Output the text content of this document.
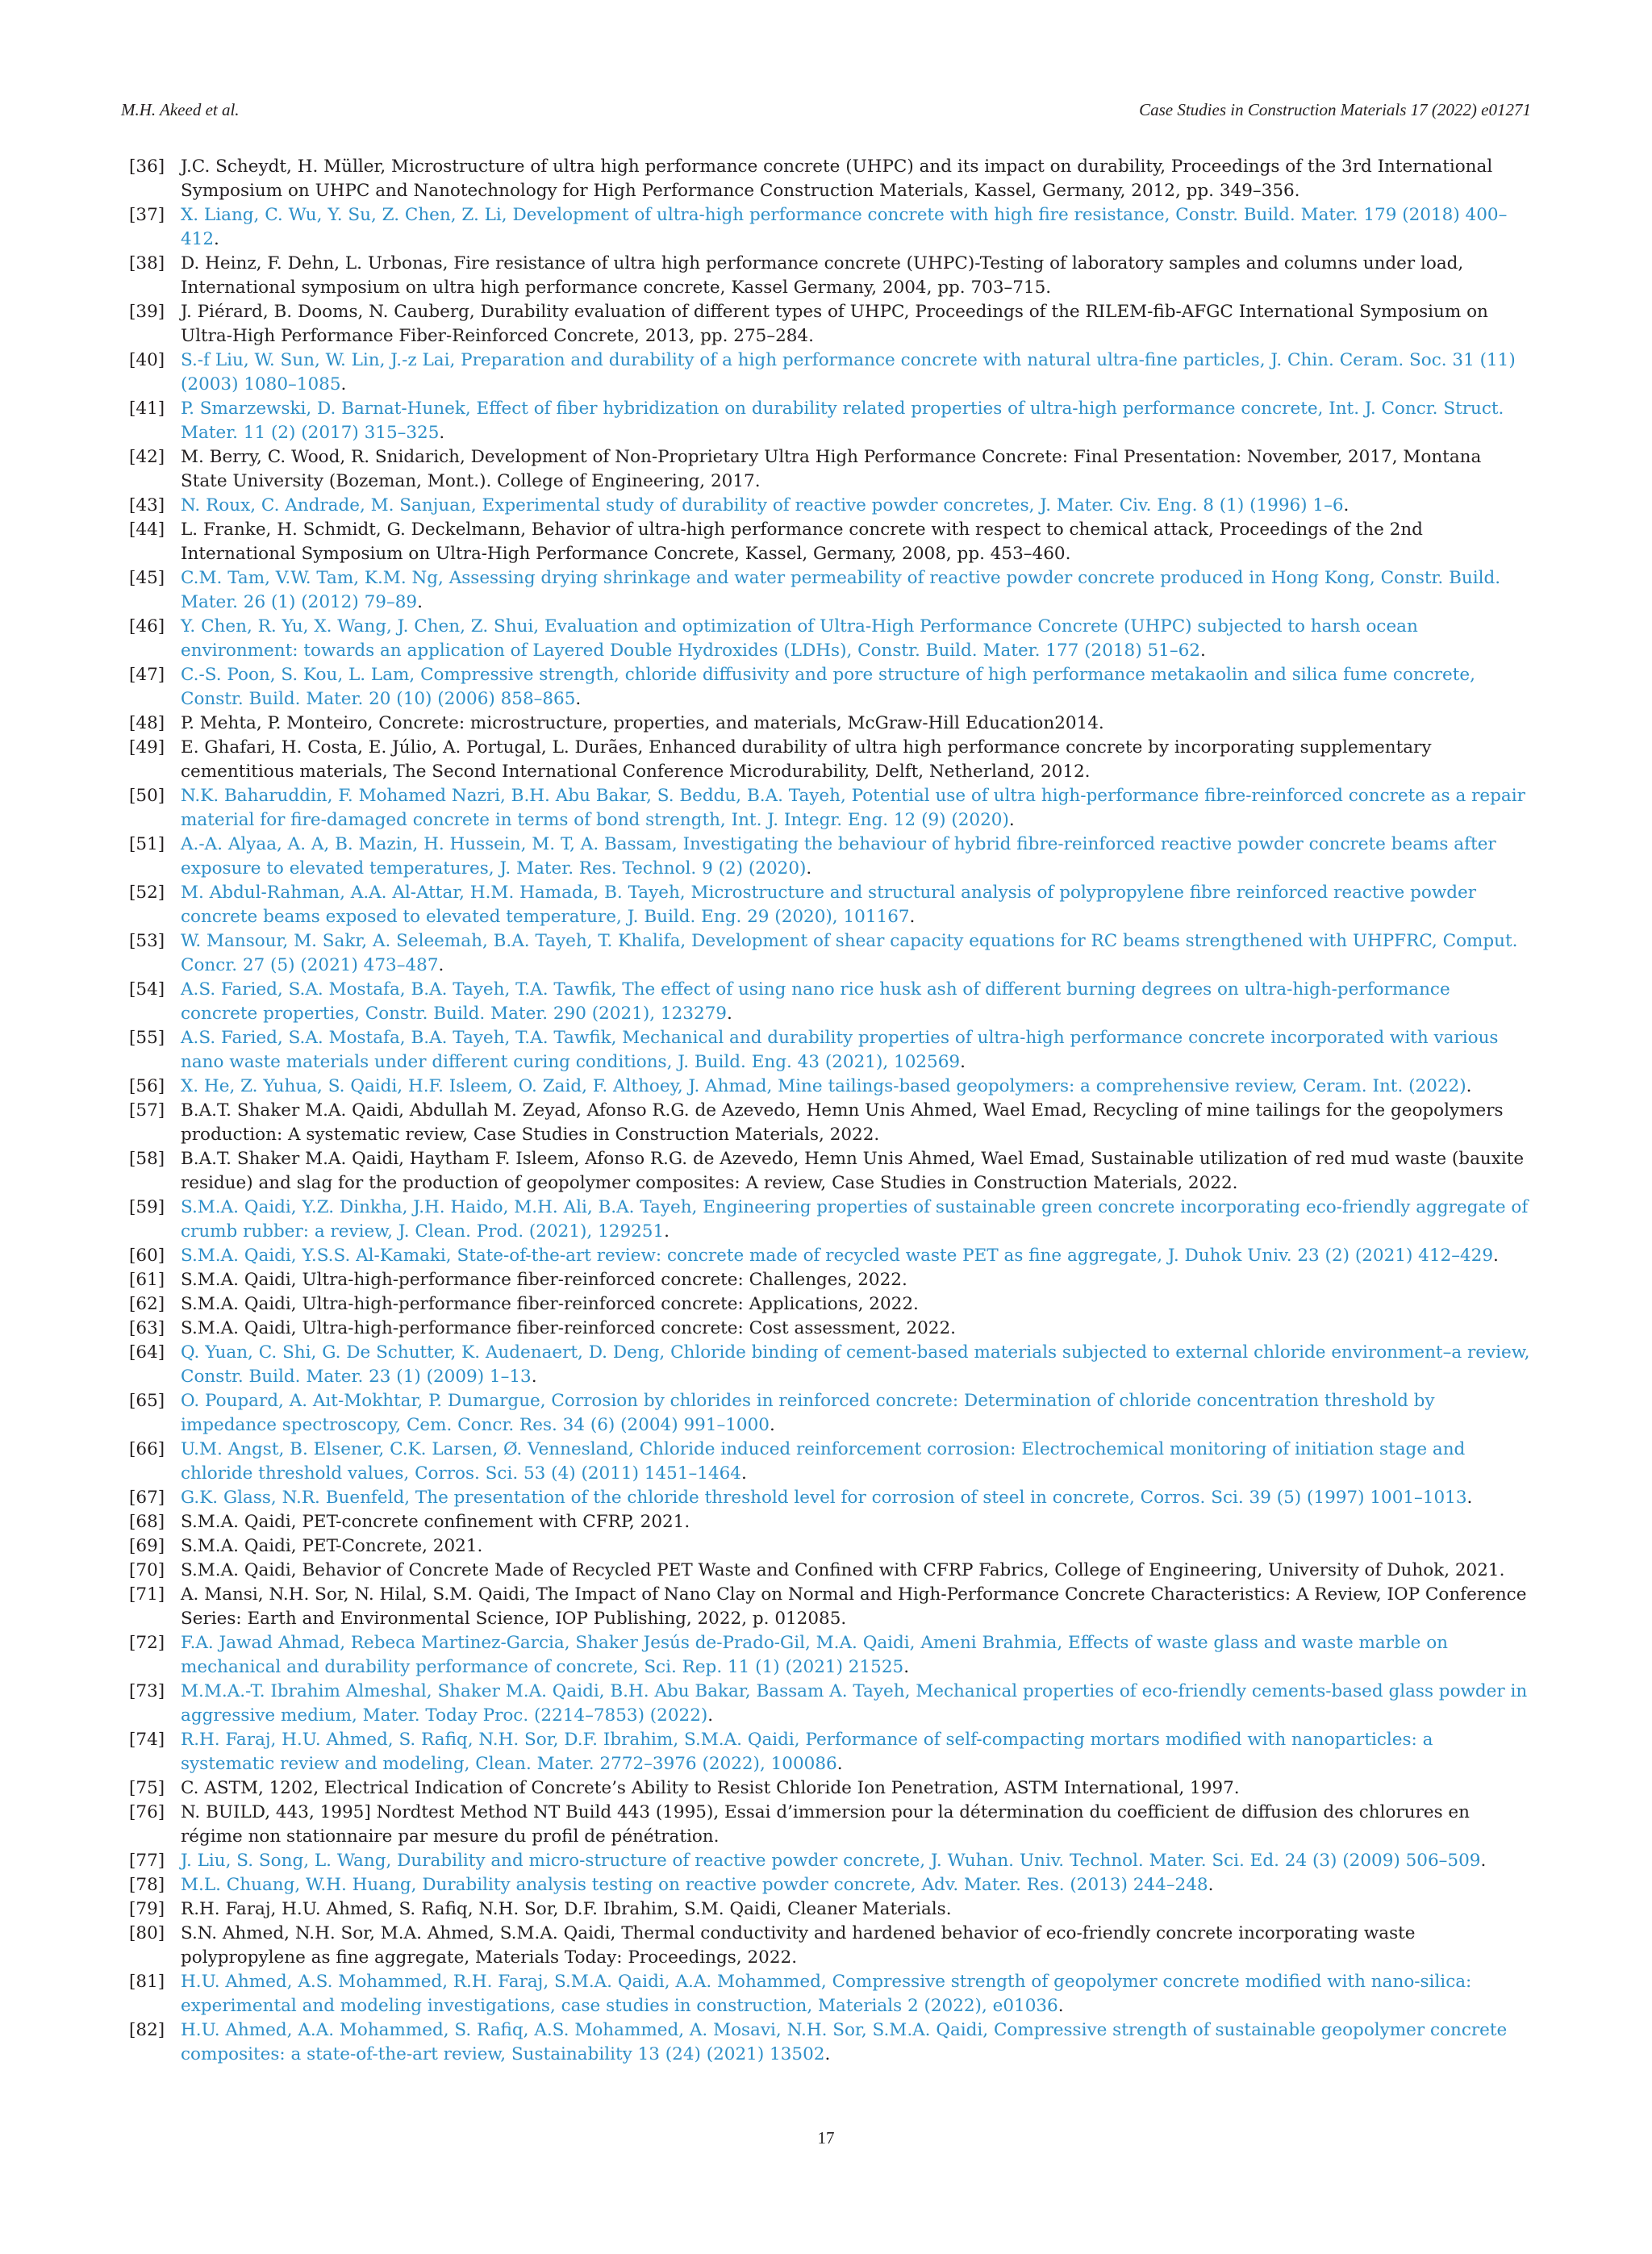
M.H. Akeed et al.	Case Studies in Construction Materials 17 (2022) e01271
[36] J.C. Scheydt, H. Müller, Microstructure of ultra high performance concrete (UHPC) and its impact on durability, Proceedings of the 3rd International Symposium on UHPC and Nanotechnology for High Performance Construction Materials, Kassel, Germany, 2012, pp. 349–356.
[37] X. Liang, C. Wu, Y. Su, Z. Chen, Z. Li, Development of ultra-high performance concrete with high fire resistance, Constr. Build. Mater. 179 (2018) 400–412.
[38] D. Heinz, F. Dehn, L. Urbonas, Fire resistance of ultra high performance concrete (UHPC)-Testing of laboratory samples and columns under load, International symposium on ultra high performance concrete, Kassel Germany, 2004, pp. 703–715.
[39] J. Piérard, B. Dooms, N. Cauberg, Durability evaluation of different types of UHPC, Proceedings of the RILEM-fib-AFGC International Symposium on Ultra-High Performance Fiber-Reinforced Concrete, 2013, pp. 275–284.
[40] S.-f Liu, W. Sun, W. Lin, J.-z Lai, Preparation and durability of a high performance concrete with natural ultra-fine particles, J. Chin. Ceram. Soc. 31 (11) (2003) 1080–1085.
[41] P. Smarzewski, D. Barnat-Hunek, Effect of fiber hybridization on durability related properties of ultra-high performance concrete, Int. J. Concr. Struct. Mater. 11 (2) (2017) 315–325.
[42] M. Berry, C. Wood, R. Snidarich, Development of Non-Proprietary Ultra High Performance Concrete: Final Presentation: November, 2017, Montana State University (Bozeman, Mont.). College of Engineering, 2017.
[43] N. Roux, C. Andrade, M. Sanjuan, Experimental study of durability of reactive powder concretes, J. Mater. Civ. Eng. 8 (1) (1996) 1–6.
[44] L. Franke, H. Schmidt, G. Deckelmann, Behavior of ultra-high performance concrete with respect to chemical attack, Proceedings of the 2nd International Symposium on Ultra-High Performance Concrete, Kassel, Germany, 2008, pp. 453–460.
[45] C.M. Tam, V.W. Tam, K.M. Ng, Assessing drying shrinkage and water permeability of reactive powder concrete produced in Hong Kong, Constr. Build. Mater. 26 (1) (2012) 79–89.
[46] Y. Chen, R. Yu, X. Wang, J. Chen, Z. Shui, Evaluation and optimization of Ultra-High Performance Concrete (UHPC) subjected to harsh ocean environment: towards an application of Layered Double Hydroxides (LDHs), Constr. Build. Mater. 177 (2018) 51–62.
[47] C.-S. Poon, S. Kou, L. Lam, Compressive strength, chloride diffusivity and pore structure of high performance metakaolin and silica fume concrete, Constr. Build. Mater. 20 (10) (2006) 858–865.
[48] P. Mehta, P. Monteiro, Concrete: microstructure, properties, and materials, McGraw-Hill Education2014.
[49] E. Ghafari, H. Costa, E. Júlio, A. Portugal, L. Durães, Enhanced durability of ultra high performance concrete by incorporating supplementary cementitious materials, The Second International Conference Microdurability, Delft, Netherland, 2012.
[50] N.K. Baharuddin, F. Mohamed Nazri, B.H. Abu Bakar, S. Beddu, B.A. Tayeh, Potential use of ultra high-performance fibre-reinforced concrete as a repair material for fire-damaged concrete in terms of bond strength, Int. J. Integr. Eng. 12 (9) (2020).
[51] A.-A. Alyaa, A. A, B. Mazin, H. Hussein, M. T, A. Bassam, Investigating the behaviour of hybrid fibre-reinforced reactive powder concrete beams after exposure to elevated temperatures, J. Mater. Res. Technol. 9 (2) (2020).
[52] M. Abdul-Rahman, A.A. Al-Attar, H.M. Hamada, B. Tayeh, Microstructure and structural analysis of polypropylene fibre reinforced reactive powder concrete beams exposed to elevated temperature, J. Build. Eng. 29 (2020), 101167.
[53] W. Mansour, M. Sakr, A. Seleemah, B.A. Tayeh, T. Khalifa, Development of shear capacity equations for RC beams strengthened with UHPFRC, Comput. Concr. 27 (5) (2021) 473–487.
[54] A.S. Faried, S.A. Mostafa, B.A. Tayeh, T.A. Tawfik, The effect of using nano rice husk ash of different burning degrees on ultra-high-performance concrete properties, Constr. Build. Mater. 290 (2021), 123279.
[55] A.S. Faried, S.A. Mostafa, B.A. Tayeh, T.A. Tawfik, Mechanical and durability properties of ultra-high performance concrete incorporated with various nano waste materials under different curing conditions, J. Build. Eng. 43 (2021), 102569.
[56] X. He, Z. Yuhua, S. Qaidi, H.F. Isleem, O. Zaid, F. Althoey, J. Ahmad, Mine tailings-based geopolymers: a comprehensive review, Ceram. Int. (2022).
[57] B.A.T. Shaker M.A. Qaidi, Abdullah M. Zeyad, Afonso R.G. de Azevedo, Hemn Unis Ahmed, Wael Emad, Recycling of mine tailings for the geopolymers production: A systematic review, Case Studies in Construction Materials, 2022.
[58] B.A.T. Shaker M.A. Qaidi, Haytham F. Isleem, Afonso R.G. de Azevedo, Hemn Unis Ahmed, Wael Emad, Sustainable utilization of red mud waste (bauxite residue) and slag for the production of geopolymer composites: A review, Case Studies in Construction Materials, 2022.
[59] S.M.A. Qaidi, Y.Z. Dinkha, J.H. Haido, M.H. Ali, B.A. Tayeh, Engineering properties of sustainable green concrete incorporating eco-friendly aggregate of crumb rubber: a review, J. Clean. Prod. (2021), 129251.
[60] S.M.A. Qaidi, Y.S.S. Al-Kamaki, State-of-the-art review: concrete made of recycled waste PET as fine aggregate, J. Duhok Univ. 23 (2) (2021) 412–429.
[61] S.M.A. Qaidi, Ultra-high-performance fiber-reinforced concrete: Challenges, 2022.
[62] S.M.A. Qaidi, Ultra-high-performance fiber-reinforced concrete: Applications, 2022.
[63] S.M.A. Qaidi, Ultra-high-performance fiber-reinforced concrete: Cost assessment, 2022.
[64] Q. Yuan, C. Shi, G. De Schutter, K. Audenaert, D. Deng, Chloride binding of cement-based materials subjected to external chloride environment–a review, Constr. Build. Mater. 23 (1) (2009) 1–13.
[65] O. Poupard, A. Aıt-Mokhtar, P. Dumargue, Corrosion by chlorides in reinforced concrete: Determination of chloride concentration threshold by impedance spectroscopy, Cem. Concr. Res. 34 (6) (2004) 991–1000.
[66] U.M. Angst, B. Elsener, C.K. Larsen, Ø. Vennesland, Chloride induced reinforcement corrosion: Electrochemical monitoring of initiation stage and chloride threshold values, Corros. Sci. 53 (4) (2011) 1451–1464.
[67] G.K. Glass, N.R. Buenfeld, The presentation of the chloride threshold level for corrosion of steel in concrete, Corros. Sci. 39 (5) (1997) 1001–1013.
[68] S.M.A. Qaidi, PET-concrete confinement with CFRP, 2021.
[69] S.M.A. Qaidi, PET-Concrete, 2021.
[70] S.M.A. Qaidi, Behavior of Concrete Made of Recycled PET Waste and Confined with CFRP Fabrics, College of Engineering, University of Duhok, 2021.
[71] A. Mansi, N.H. Sor, N. Hilal, S.M. Qaidi, The Impact of Nano Clay on Normal and High-Performance Concrete Characteristics: A Review, IOP Conference Series: Earth and Environmental Science, IOP Publishing, 2022, p. 012085.
[72] F.A. Jawad Ahmad, Rebeca Martinez-Garcia, Shaker Jesús de-Prado-Gil, M.A. Qaidi, Ameni Brahmia, Effects of waste glass and waste marble on mechanical and durability performance of concrete, Sci. Rep. 11 (1) (2021) 21525.
[73] M.M.A.-T. Ibrahim Almeshal, Shaker M.A. Qaidi, B.H. Abu Bakar, Bassam A. Tayeh, Mechanical properties of eco-friendly cements-based glass powder in aggressive medium, Mater. Today Proc. (2214–7853) (2022).
[74] R.H. Faraj, H.U. Ahmed, S. Rafiq, N.H. Sor, D.F. Ibrahim, S.M.A. Qaidi, Performance of self-compacting mortars modified with nanoparticles: a systematic review and modeling, Clean. Mater. 2772–3976 (2022), 100086.
[75] C. ASTM, 1202, Electrical Indication of Concrete’s Ability to Resist Chloride Ion Penetration, ASTM International, 1997.
[76] N. BUILD, 443, 1995] Nordtest Method NT Build 443 (1995), Essai d’immersion pour la détermination du coefficient de diffusion des chlorures en régime non stationnaire par mesure du profil de pénétration.
[77] J. Liu, S. Song, L. Wang, Durability and micro-structure of reactive powder concrete, J. Wuhan. Univ. Technol. Mater. Sci. Ed. 24 (3) (2009) 506–509.
[78] M.L. Chuang, W.H. Huang, Durability analysis testing on reactive powder concrete, Adv. Mater. Res. (2013) 244–248.
[79] R.H. Faraj, H.U. Ahmed, S. Rafiq, N.H. Sor, D.F. Ibrahim, S.M. Qaidi, Cleaner Materials.
[80] S.N. Ahmed, N.H. Sor, M.A. Ahmed, S.M.A. Qaidi, Thermal conductivity and hardened behavior of eco-friendly concrete incorporating waste polypropylene as fine aggregate, Materials Today: Proceedings, 2022.
[81] H.U. Ahmed, A.S. Mohammed, R.H. Faraj, S.M.A. Qaidi, A.A. Mohammed, Compressive strength of geopolymer concrete modified with nano-silica: experimental and modeling investigations, case studies in construction, Materials 2 (2022), e01036.
[82] H.U. Ahmed, A.A. Mohammed, S. Rafiq, A.S. Mohammed, A. Mosavi, N.H. Sor, S.M.A. Qaidi, Compressive strength of sustainable geopolymer concrete composites: a state-of-the-art review, Sustainability 13 (24) (2021) 13502.
17
